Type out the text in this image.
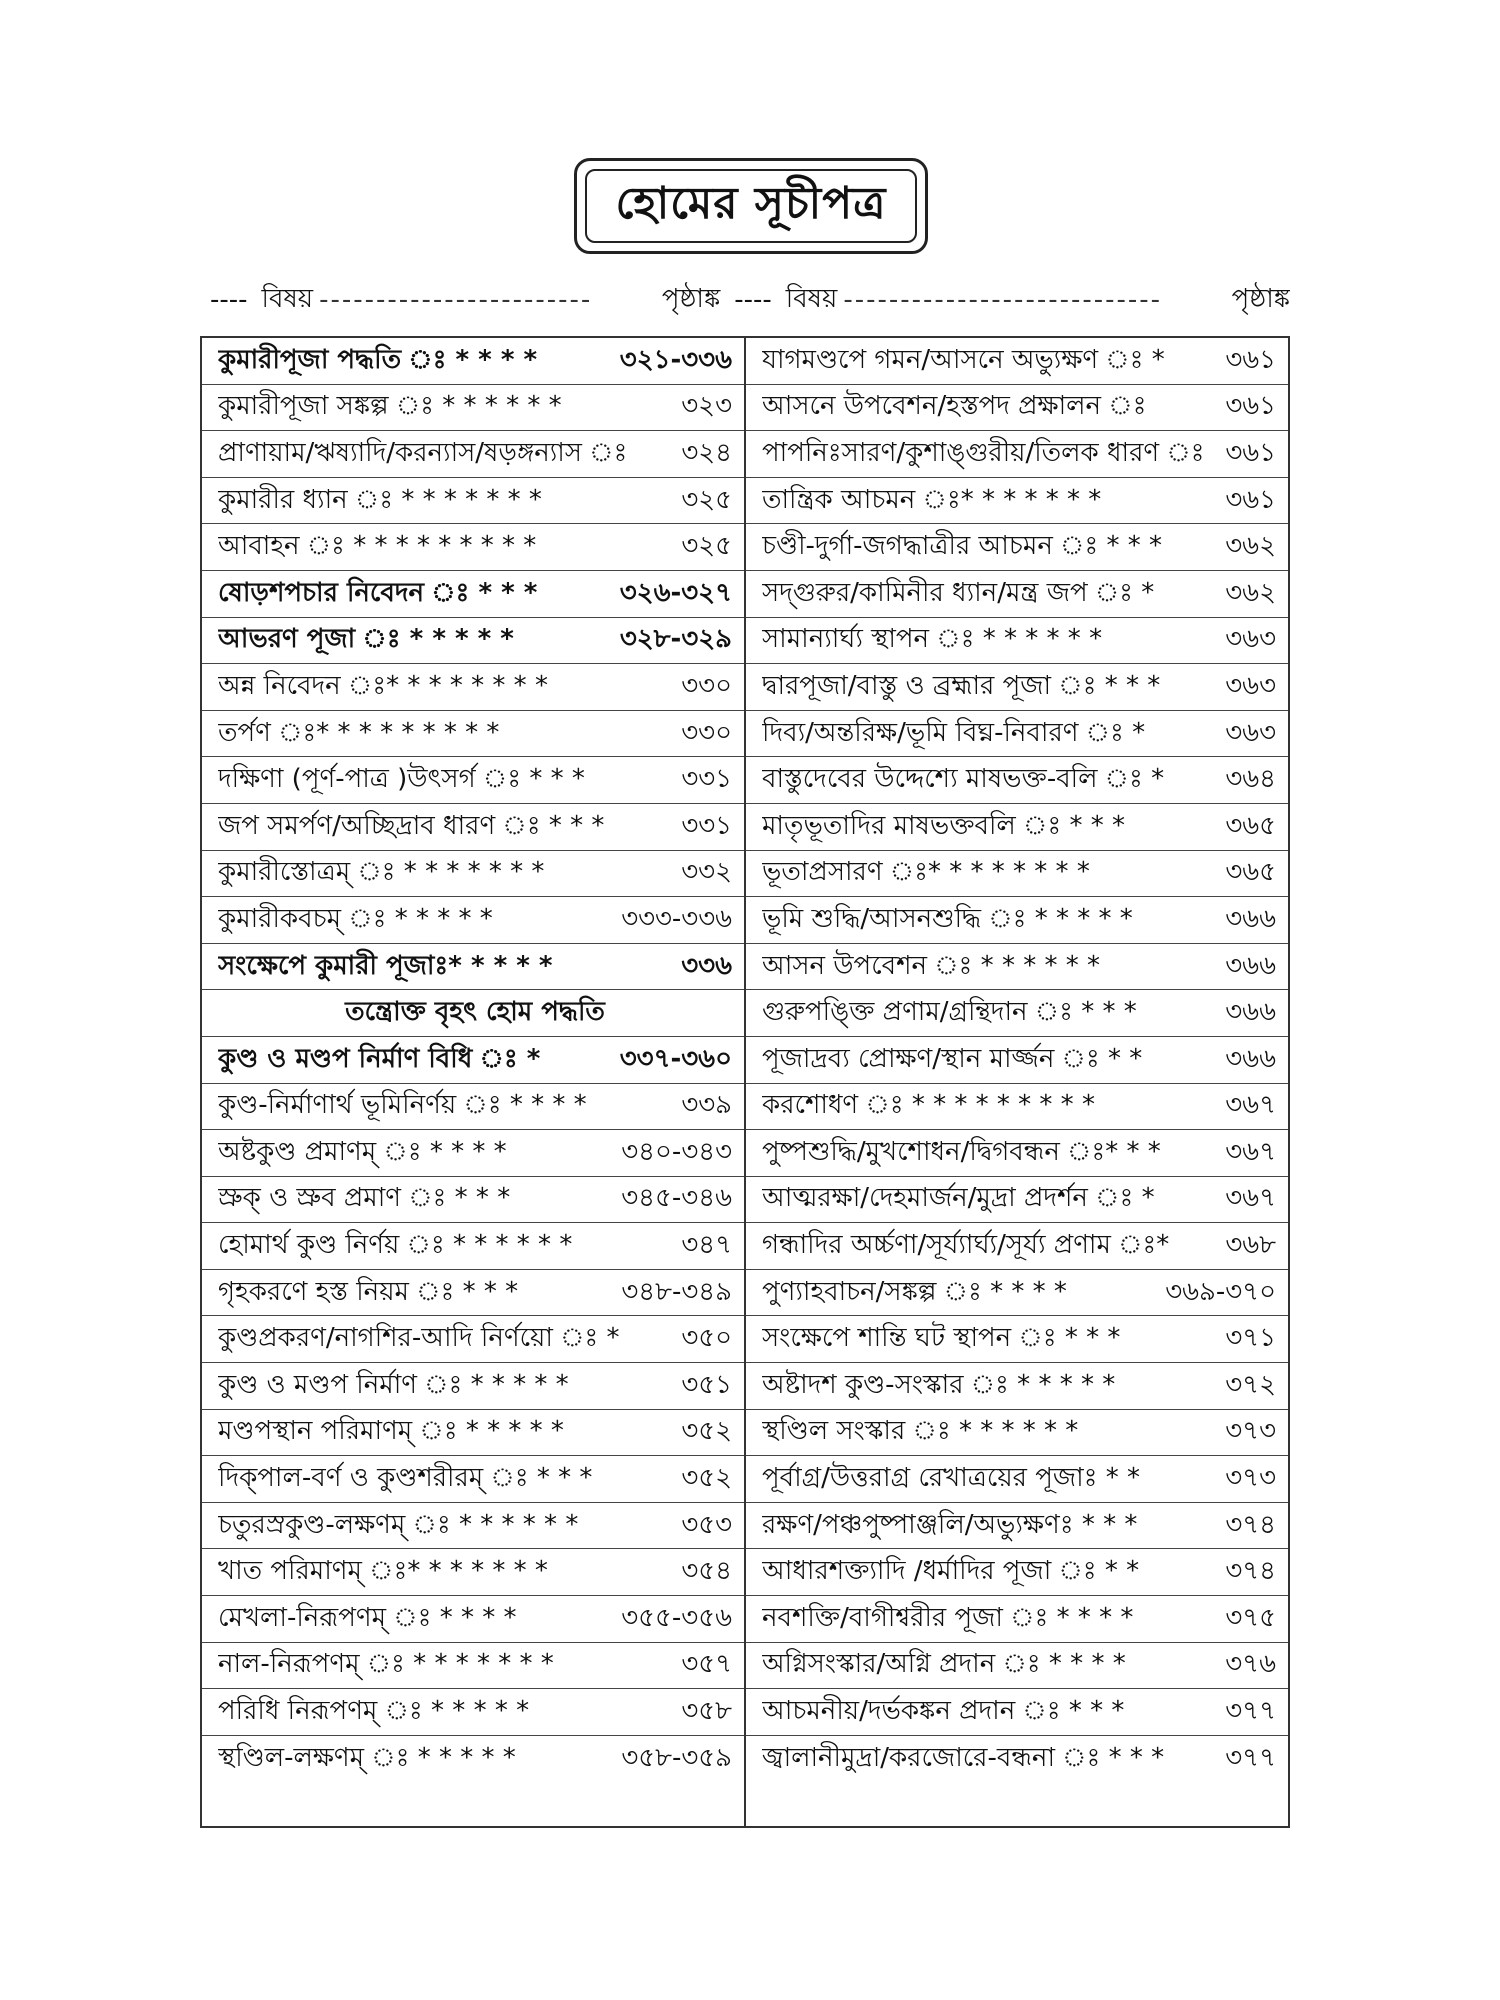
হোমের সূচীপত্র
---- বিষয় ------------------------	পৃষ্ঠাঙ্ক ---- বিষয় ----------------------------	পৃষ্ঠাঙ্ক
কুমারীপূজা পদ্ধতি ঃ * * * *	৩২১-৩৩৬
কুমারীপূজা সঙ্কল্প ঃ * * * * * *	৩২৩
প্রাণায়াম/ঋষ্যাদি/করন্যাস/ষড়ঙ্গন্যাস ঃ	৩২৪
কুমারীর ধ্যান ঃ * * * * * * *	৩২৫
আবাহন ঃ * * * * * * * * *	৩২৫
ষোড়শপচার নিবেদন ঃ * * *	৩২৬-৩২৭
আভরণ পূজা ঃ * * * * *	৩২৮-৩২৯
অন্ন নিবেদন ঃ* * * * * * * *	৩৩০
তর্পণ ঃ* * * * * * * * *	৩৩০
দক্ষিণা (পূর্ণ-পাত্র )উৎসর্গ ঃ * * *	৩৩১
জপ সমর্পণ/অচ্ছিদ্রাব ধারণ ঃ * * *	৩৩১
কুমারীস্তোত্রম্ ঃ * * * * * * *	৩৩২
কুমারীকবচম্ ঃ * * * * *	৩৩৩-৩৩৬
সংক্ষেপে কুমারী পূজাঃ* * * * *	৩৩৬
তন্ত্রোক্ত বৃহৎ হোম পদ্ধতি
কুণ্ড ও মণ্ডপ নির্মাণ বিধি ঃ *	৩৩৭-৩৬০
কুণ্ড-নির্মাণার্থ ভূমিনির্ণয় ঃ * * * *	৩৩৯
অষ্টকুণ্ড প্রমাণম্ ঃ * * * *	৩৪০-৩৪৩
স্রুক্ ও স্রুব প্রমাণ ঃ * * *	৩৪৫-৩৪৬
হোমার্থ কুণ্ড নির্ণয় ঃ * * * * * *	৩৪৭
গৃহকরণে হস্ত নিয়ম ঃ * * *	৩৪৮-৩৪৯
কুণ্ডপ্রকরণ/নাগশির-আদি নির্ণয়ো ঃ *	৩৫০
কুণ্ড ও মণ্ডপ নির্মাণ ঃ * * * * *	৩৫১
মণ্ডপস্থান পরিমাণম্ ঃ * * * * *	৩৫২
দিক্‌পাল-বর্ণ ও কুণ্ডশরীরম্ ঃ * * *	৩৫২
চতুরস্রকুণ্ড-লক্ষণম্ ঃ * * * * * *	৩৫৩
খাত পরিমাণম্ ঃ* * * * * * *	৩৫৪
মেখলা-নিরূপণম্ ঃ * * * *	৩৫৫-৩৫৬
নাল-নিরূপণম্ ঃ * * * * * * *	৩৫৭
পরিধি নিরূপণম্ ঃ * * * * *	৩৫৮
স্থণ্ডিল-লক্ষণম্ ঃ * * * * *	৩৫৮-৩৫৯
যাগমণ্ডপে গমন/আসনে অভ্যুক্ষণ ঃ *	৩৬১
আসনে উপবেশন/হস্তপদ প্রক্ষালন ঃ	৩৬১
পাপনিঃসারণ/কুশাঙ্গুরীয়/তিলক ধারণ ঃ ৩৬১
তান্ত্রিক আচমন ঃ* * * * * * *	৩৬১
চণ্ডী-দুর্গা-জগদ্ধাত্রীর আচমন ঃ * * *	৩৬২
সদ্‌গুরুর/কামিনীর ধ্যান/মন্ত্র জপ ঃ *	৩৬২
সামান্যার্ঘ্য স্থাপন ঃ * * * * * *	৩৬৩
দ্বারপূজা/বাস্তু ও ব্রহ্মার পূজা ঃ * * *	৩৬৩
দিব্য/অন্তরিক্ষ/ভূমি বিঘ্ন-নিবারণ ঃ *	৩৬৩
বাস্তুদেবের উদ্দেশ্যে মাষভক্ত-বলি ঃ *	৩৬৪
মাতৃভূতাদির মাষভক্তবলি ঃ * * *	৩৬৫
ভূতাপ্রসারণ ঃ* * * * * * * *	৩৬৫
ভূমি শুদ্ধি/আসনশুদ্ধি ঃ * * * * *	৩৬৬
আসন উপবেশন ঃ * * * * * *	৩৬৬
গুরুপঙ্ক্তি প্রণাম/গ্রন্থিদান ঃ * * *	৩৬৬
পূজাদ্রব্য প্রোক্ষণ/স্থান মার্জ্জন ঃ * *	৩৬৬
করশোধণ ঃ * * * * * * * * *	৩৬৭
পুষ্পশুদ্ধি/মুখশোধন/দ্বিগবন্ধন ঃ* * *	৩৬৭
আত্মরক্ষা/দেহমার্জন/মুদ্রা প্রদর্শন ঃ *	৩৬৭
গন্ধাদির অর্চ্চণা/সূর্য্যার্ঘ্য/সূর্য্য প্রণাম ঃ*	৩৬৮
পুণ্যাহবাচন/সঙ্কল্প ঃ * * * *	৩৬৯-৩৭০
সংক্ষেপে শান্তি ঘট স্থাপন ঃ * * *	৩৭১
অষ্টাদশ কুণ্ড-সংস্কার ঃ * * * * *	৩৭২
স্থণ্ডিল সংস্কার ঃ * * * * * *	৩৭৩
পূর্বাগ্র/উত্তরাগ্র রেখাত্রয়ের পূজাঃ * *	৩৭৩
রক্ষণ/পঞ্চপুষ্পাঞ্জলি/অভ্যুক্ষণঃ * * *	৩৭৪
আধারশক্ত্যাদি /ধর্মাদির পূজা ঃ * *	৩৭৪
নবশক্তি/বাগীশ্বরীর পূজা ঃ * * * *	৩৭৫
অগ্নিসংস্কার/অগ্নি প্রদান ঃ * * * *	৩৭৬
আচমনীয়/দর্ভকঙ্কন প্রদান ঃ * * *	৩৭৭
জ্বালানীমুদ্রা/করজোরে-বন্ধনা ঃ * * *	৩৭৭
